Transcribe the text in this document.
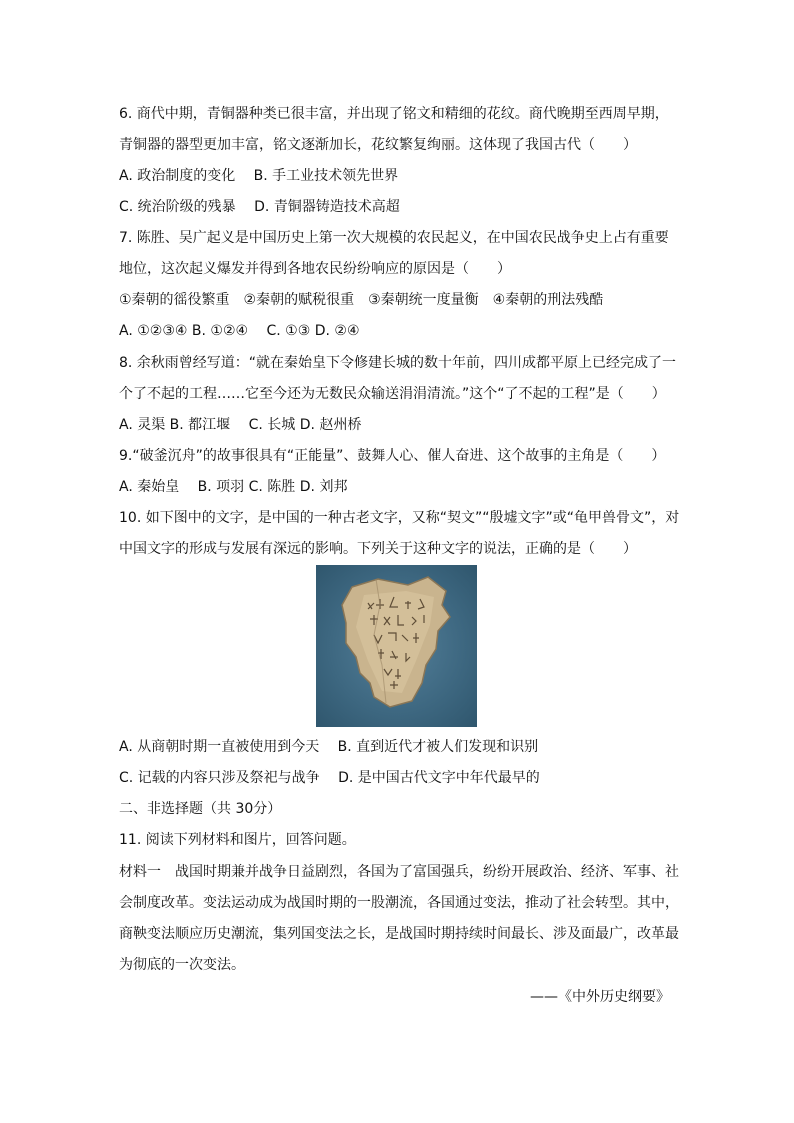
6. 商代中期，青铜器种类已很丰富，并出现了铭文和精细的花纹。商代晚期至西周早期，
青铜器的器型更加丰富，铭文逐渐加长，花纹繁复绚丽。这体现了我国古代（　　）
A. 政治制度的变化　 B. 手工业技术领先世界
C. 统治阶级的残暴　 D. 青铜器铸造技术高超
7. 陈胜、吴广起义是中国历史上第一次大规模的农民起义，在中国农民战争史上占有重要
地位，这次起义爆发并得到各地农民纷纷响应的原因是（　　）
①秦朝的徭役繁重　②秦朝的赋税很重　③秦朝统一度量衡　④秦朝的刑法残酷
A. ①②③④ B. ①②④　 C. ①③ D. ②④
8. 余秋雨曾经写道：“就在秦始皇下令修建长城的数十年前，四川成都平原上已经完成了一
个了不起的工程……它至今还为无数民众输送涓涓清流。”这个“了不起的工程”是（　　）
A. 灵渠 B. 都江堰　 C. 长城 D. 赵州桥
9.“破釜沉舟”的故事很具有“正能量”、鼓舞人心、催人奋进、这个故事的主角是（　　）
A. 秦始皇　 B. 项羽 C. 陈胜 D. 刘邦
10. 如下图中的文字，是中国的一种古老文字，又称“契文”“殷墟文字”或“龟甲兽骨文”，对
中国文字的形成与发展有深远的影响。下列关于这种文字的说法，正确的是（　　）
A. 从商朝时期一直被使用到今天　 B. 直到近代才被人们发现和识别
C. 记载的内容只涉及祭祀与战争　 D. 是中国古代文字中年代最早的
二、非选择题（共 30分）
11. 阅读下列材料和图片，回答问题。
材料一　战国时期兼并战争日益剧烈，各国为了富国强兵，纷纷开展政治、经济、军事、社
会制度改革。变法运动成为战国时期的一股潮流，各国通过变法，推动了社会转型。其中，
商鞅变法顺应历史潮流，集列国变法之长，是战国时期持续时间最长、涉及面最广，改革最
为彻底的一次变法。
——《中外历史纲要》
